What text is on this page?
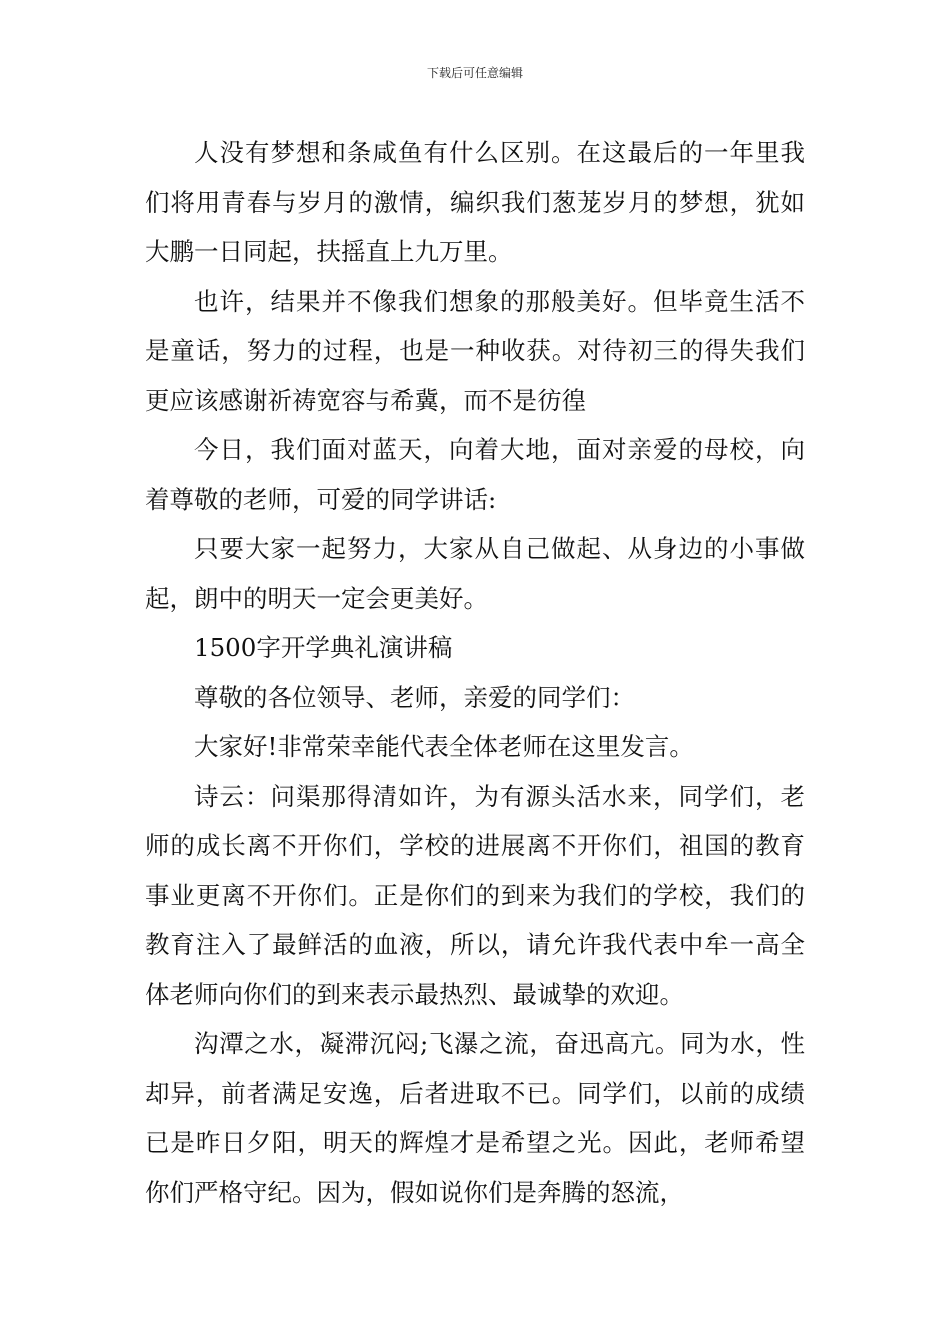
下载后可任意编辑

人没有梦想和条咸鱼有什么区别。在这最后的一年里我们将用青春与岁月的激情，编织我们葱茏岁月的梦想，犹如大鹏一日同起，扶摇直上九万里。

也许，结果并不像我们想象的那般美好。但毕竟生活不是童话，努力的过程，也是一种收获。对待初三的得失我们更应该感谢祈祷宽容与希冀，而不是彷徨

今日，我们面对蓝天，向着大地，面对亲爱的母校，向着尊敬的老师，可爱的同学讲话:

只要大家一起努力，大家从自己做起、从身边的小事做起，朗中的明天一定会更美好。

1500字开学典礼演讲稿

尊敬的各位领导、老师，亲爱的同学们：

大家好!非常荣幸能代表全体老师在这里发言。

诗云：问渠那得清如许，为有源头活水来，同学们，老师的成长离不开你们，学校的进展离不开你们，祖国的教育事业更离不开你们。正是你们的到来为我们的学校，我们的教育注入了最鲜活的血液，所以，请允许我代表中牟一高全体老师向你们的到来表示最热烈、最诚挚的欢迎。

沟潭之水，凝滞沉闷;飞瀑之流，奋迅高亢。同为水，性却异，前者满足安逸，后者进取不已。同学们，以前的成绩已是昨日夕阳，明天的辉煌才是希望之光。因此，老师希望你们严格守纪。因为，假如说你们是奔腾的怒流，
